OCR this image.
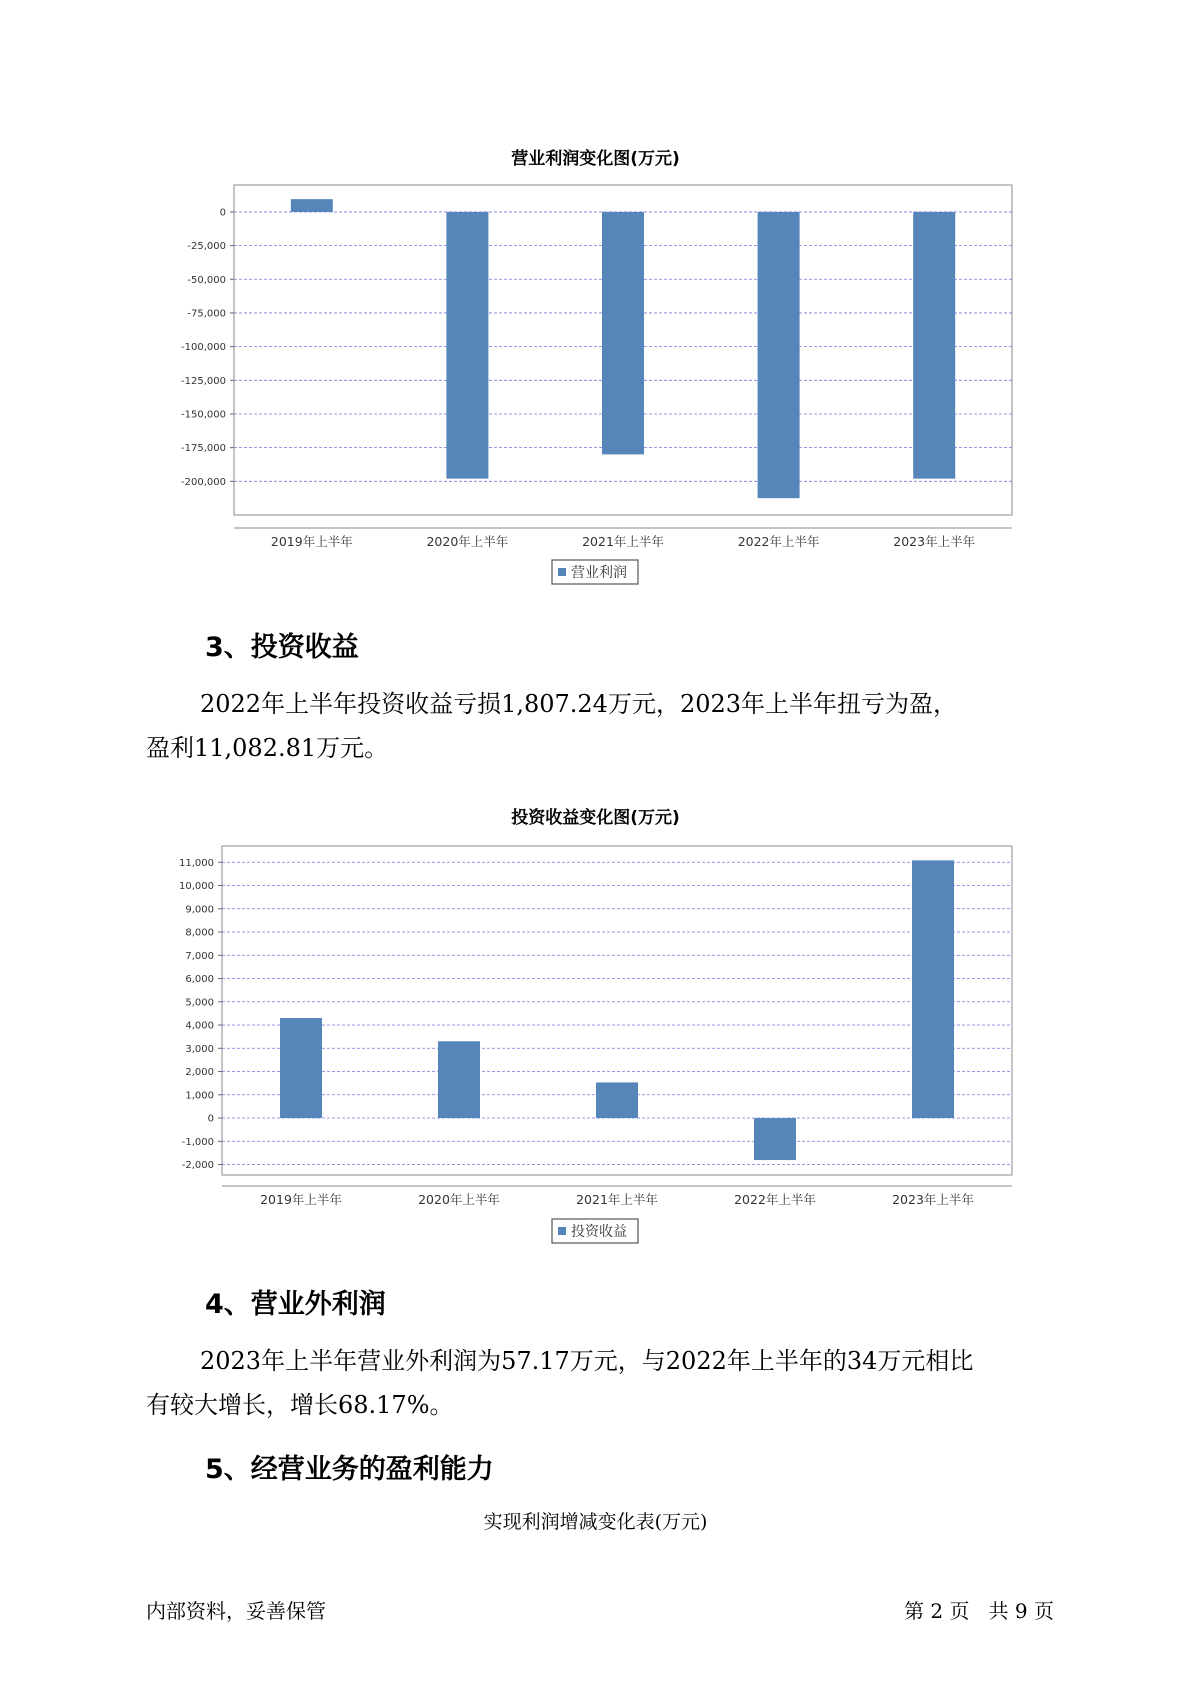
营业利润变化图(万元)
0
-25,000
-50,000
-75,000
-100,000
-125,000
-150,000
-175,000
-200,000
2019年上半年	2020年上半年	2021年上半年	2022年上半年	2023年上半年
营业利润
3、投资收益
2022年上半年投资收益亏损1,807.24万元，2023年上半年扭亏为盈，
盈利11,082.81万元。
投资收益变化图(万元)
11,000
10,000
9,000
8,000
7,000
6,000
5,000
4,000
3,000
2,000
1,000
0
-1,000
-2,000
2019年上半年	2020年上半年	2021年上半年	2022年上半年	2023年上半年
投资收益
4、营业外利润
2023年上半年营业外利润为57.17万元，与2022年上半年的34万元相比
有较大增长，增长68.17%。
5、经营业务的盈利能力
实现利润增减变化表(万元)
内部资料，妥善保管	第 2 页 共 9 页
